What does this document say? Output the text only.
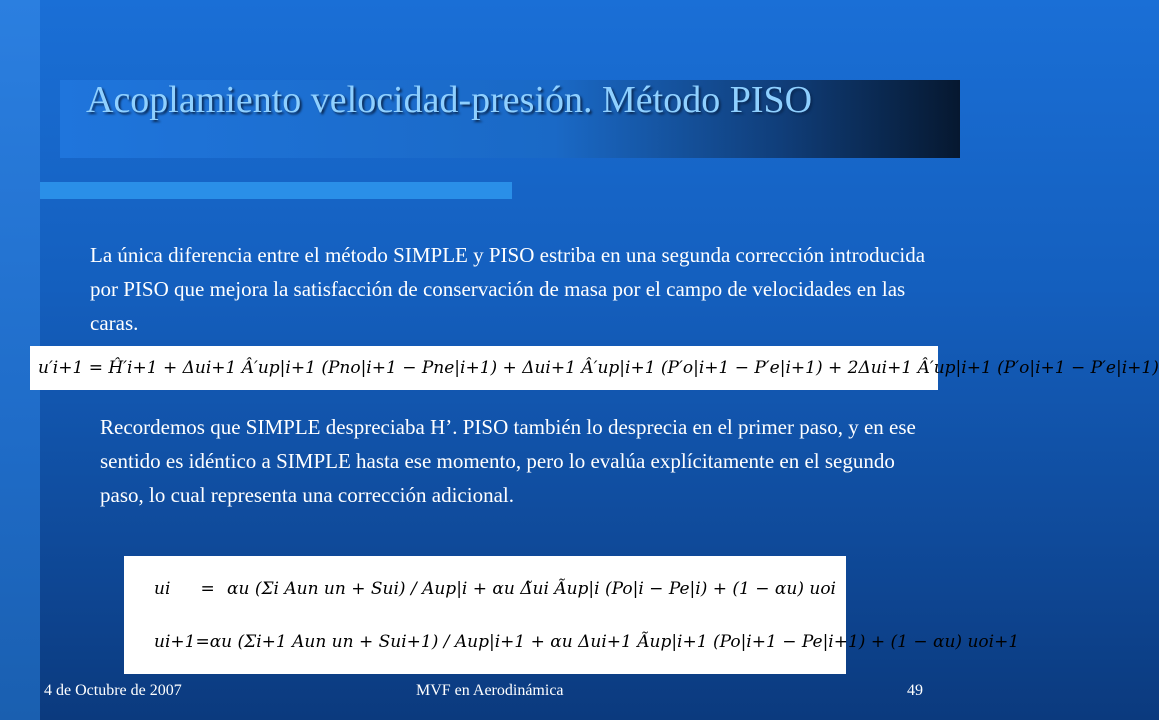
Acoplamiento velocidad-presión. Método PISO
La única diferencia entre el método SIMPLE y PISO estriba en una segunda corrección introducida por PISO que mejora la satisfacción de conservación de masa por el campo de velocidades en las caras.
u′i+1 = Ĥ′i+1 + Δui+1 Â′up|i+1 (Pno|i+1 − Pne|i+1) + Δui+1 Â′up|i+1 (P′o|i+1 − P′e|i+1) + 2Δui+1 Â′up|i+1 (P′o|i+1 − P′e|i+1)
Recordemos que SIMPLE despreciaba H’. PISO también lo desprecia en el primer paso, y en ese sentido es idéntico a SIMPLE hasta ese momento, pero lo evalúa explícitamente en el segundo paso, lo cual representa una corrección adicional.
ui	= αu (Σi Aun un + Sui) / Aup|i + αu Δ̃ui Ãup|i (Po|i − Pe|i) + (1 − αu) uoi
ui+1 = αu (Σi+1 Aun un + Sui+1) / Aup|i+1 + αu Δui+1 Ãup|i+1 (Po|i+1 − Pe|i+1) + (1 − αu) uoi+1
4 de Octubre de 2007	MVF en Aerodinámica	49
